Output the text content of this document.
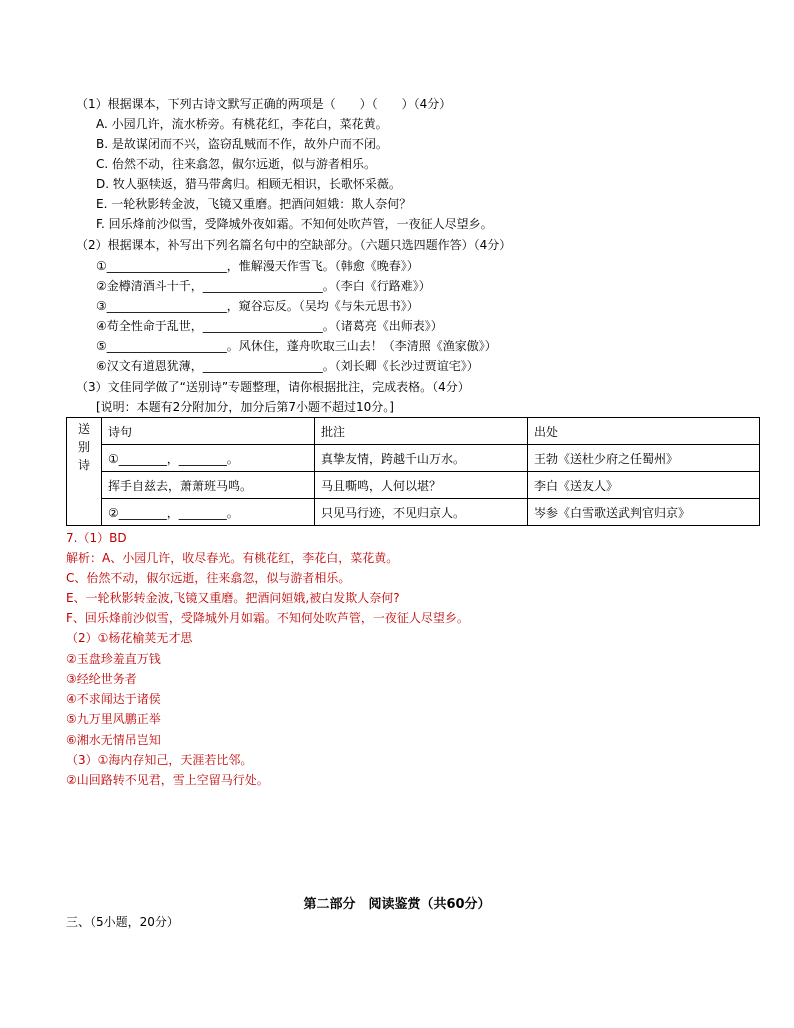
（1）根据课本，下列古诗文默写正确的两项是（　　）（　　）（4分）
A. 小园几许，流水桥旁。有桃花红，李花白，菜花黄。
B. 是故谋闭而不兴，盗窃乱贼而不作，故外户而不闭。
C. 佁然不动，往来翕忽，俶尔远逝，似与游者相乐。
D. 牧人驱犊返，猎马带禽归。相顾无相识，长歌怀采薇。
E. 一轮秋影转金波，飞镜又重磨。把酒问姮娥：欺人奈何？
F. 回乐烽前沙似雪，受降城外夜如霜。不知何处吹芦管，一夜征人尽望乡。
（2）根据课本，补写出下列名篇名句中的空缺部分。（六题只选四题作答）（4分）
①____________________，惟解漫天作雪飞。（韩愈《晚春》）
②金樽清酒斗十千，____________________。（李白《行路难》）
③____________________，窥谷忘反。（吴均《与朱元思书》）
④苟全性命于乱世，____________________。（诸葛亮《出师表》）
⑤____________________。风休住，蓬舟吹取三山去！（李清照《渔家傲》）
⑥汉文有道恩犹薄，____________________。（刘长卿《长沙过贾谊宅》）
（3）文佳同学做了“送别诗”专题整理，请你根据批注，完成表格。（4分）
[说明：本题有2分附加分，加分后第7小题不超过10分。]
送别诗	诗句	批注	出处
	①________，________。	真挚友情，跨越千山万水。	王勃《送杜少府之任蜀州》
	挥手自兹去，萧萧班马鸣。	马且嘶鸣，人何以堪？	李白《送友人》
	②________，________。	只见马行迹，不见归京人。	岑参《白雪歌送武判官归京》
7.（1）BD
解析：A、小园几许，收尽春光。有桃花红，李花白，菜花黄。
C、佁然不动，俶尔远逝，往来翕忽，似与游者相乐。
E、一轮秋影转金波,飞镜又重磨。把酒问姮娥,被白发欺人奈何?
F、回乐烽前沙似雪，受降城外月如霜。不知何处吹芦管，一夜征人尽望乡。
（2）①杨花榆荚无才思
②玉盘珍羞直万钱
③经纶世务者
④不求闻达于诸侯
⑤九万里风鹏正举
⑥湘水无情吊岂知
（3）①海内存知己，天涯若比邻。
②山回路转不见君，雪上空留马行处。
第二部分　阅读鉴赏（共60分）
三、（5小题，20分）
